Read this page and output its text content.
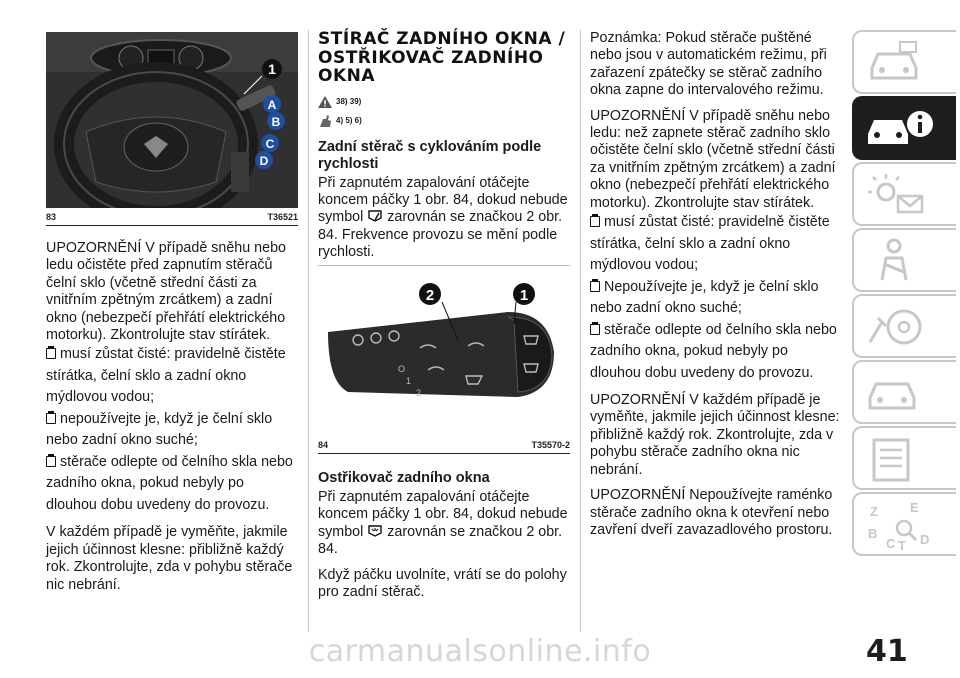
1
A
B
C
D
83	T36521

UPOZORNĚNÍ V případě sněhu nebo ledu očistěte před zapnutím stěračů čelní sklo (včetně střední části za vnitřním zpětným zrcátkem) a zadní okno (nebezpečí přehřátí elektrického motorku). Zkontrolujte stav stírátek.

musí zůstat čisté: pravidelně čistěte stírátka, čelní sklo a zadní okno mýdlovou vodou;

nepoužívejte je, když je čelní sklo nebo zadní okno suché;

stěrače odlepte od čelního skla nebo zadního okna, pokud nebyly po dlouhou dobu uvedeny do provozu.

V každém případě je vyměňte, jakmile jejich účinnost klesne: přibližně každý rok. Zkontrolujte, zda v pohybu stěrače nic nebrání.

STÍRAČ ZADNÍHO OKNA / OSTŘIKOVAČ ZADNÍHO OKNA
38) 39)
4) 5) 6)
Zadní stěrač s cyklováním podle rychlosti

Při zapnutém zapalování otáčejte koncem páčky 1 obr. 84, dokud nebude symbol zarovnán se značkou 2 obr. 84. Frekvence provozu se mění podle rychlosti.

O
1
2
2	1
84	T35570-2
Ostřikovač zadního okna

Při zapnutém zapalování otáčejte koncem páčky 1 obr. 84, dokud nebude symbol zarovnán se značkou 2 obr. 84.

Když páčku uvolníte, vrátí se do polohy pro zadní stěrač.

Poznámka: Pokud stěrače puštěné nebo jsou v automatickém režimu, při zařazení zpátečky se stěrač zadního okna zapne do intervalového režimu.

UPOZORNĚNÍ V případě sněhu nebo ledu: než zapnete stěrač zadního sklo očistěte čelní sklo (včetně střední části za vnitřním zpětným zrcátkem) a zadní okno (nebezpečí přehřátí elektrického motorku). Zkontrolujte stav stírátek.

musí zůstat čisté: pravidelně čistěte stírátka, čelní sklo a zadní okno mýdlovou vodou;

Nepoužívejte je, když je čelní sklo nebo zadní okno suché;

stěrače odlepte od čelního skla nebo zadního okna, pokud nebyly po dlouhou dobu uvedeny do provozu.

UPOZORNĚNÍ V každém případě je vyměňte, jakmile jejich účinnost klesne: přibližně každý rok. Zkontrolujte, zda v pohybu stěrače zadního okna nic nebrání.

UPOZORNĚNÍ Nepoužívejte raménko stěrače zadního okna k otevření nebo zavření dveří zavazadlového prostoru.

Z E
B
C T D
carmanualsonline.info	41
